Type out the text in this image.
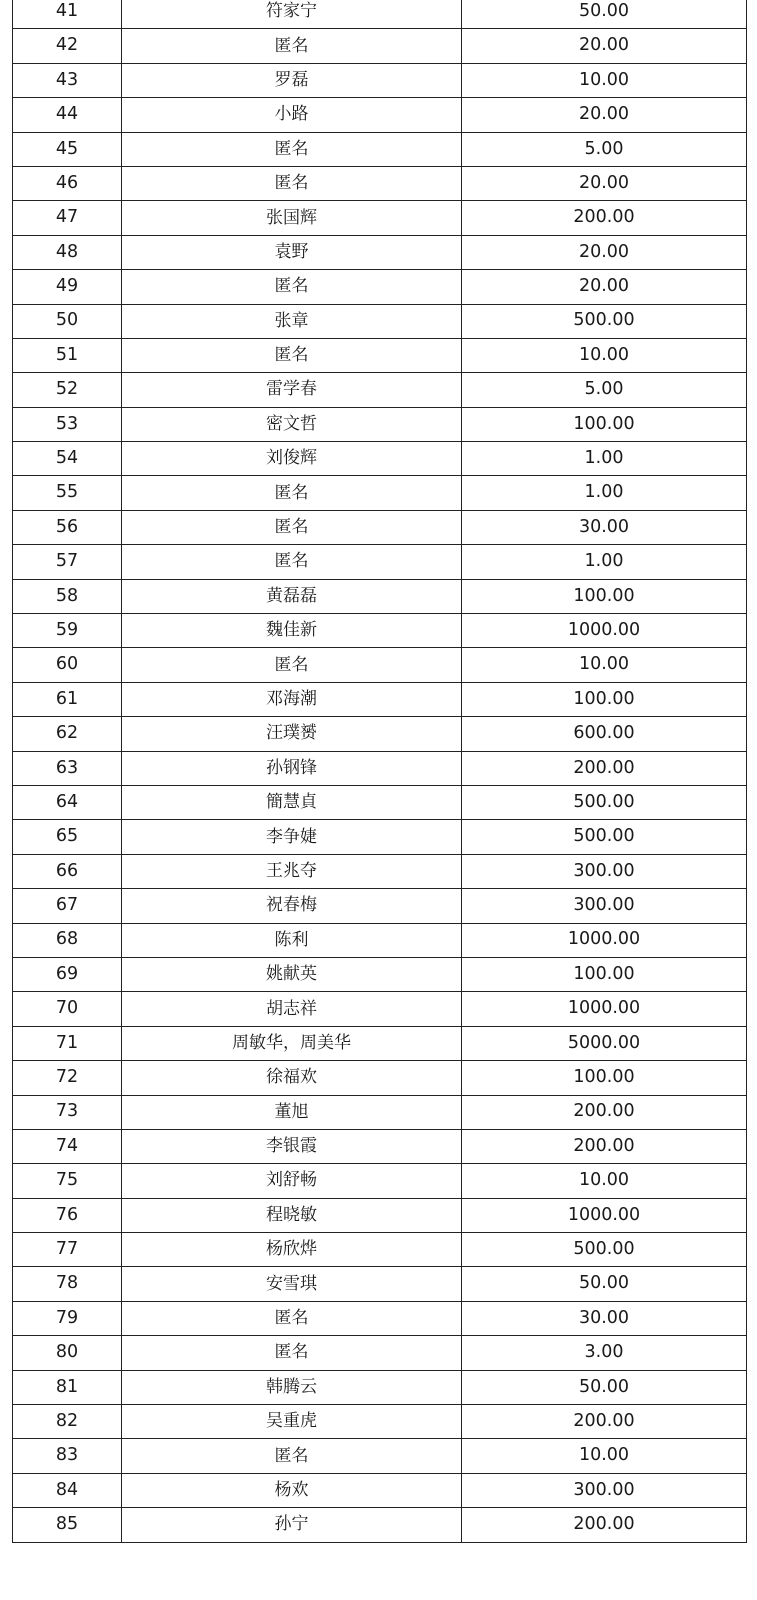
41	符家宁	50.00
42	匿名	20.00
43	罗磊	10.00
44	小路	20.00
45	匿名	5.00
46	匿名	20.00
47	张国辉	200.00
48	袁野	20.00
49	匿名	20.00
50	张章	500.00
51	匿名	10.00
52	雷学春	5.00
53	密文哲	100.00
54	刘俊辉	1.00
55	匿名	1.00
56	匿名	30.00
57	匿名	1.00
58	黄磊磊	100.00
59	魏佳新	1000.00
60	匿名	10.00
61	邓海潮	100.00
62	汪璞赟	600.00
63	孙钢锋	200.00
64	簡慧貞	500.00
65	李争婕	500.00
66	王兆夺	300.00
67	祝春梅	300.00
68	陈利	1000.00
69	姚献英	100.00
70	胡志祥	1000.00
71	周敏华，周美华	5000.00
72	徐福欢	100.00
73	董旭	200.00
74	李银霞	200.00
75	刘舒畅	10.00
76	程晓敏	1000.00
77	杨欣烨	500.00
78	安雪琪	50.00
79	匿名	30.00
80	匿名	3.00
81	韩腾云	50.00
82	吴重虎	200.00
83	匿名	10.00
84	杨欢	300.00
85	孙宁	200.00
